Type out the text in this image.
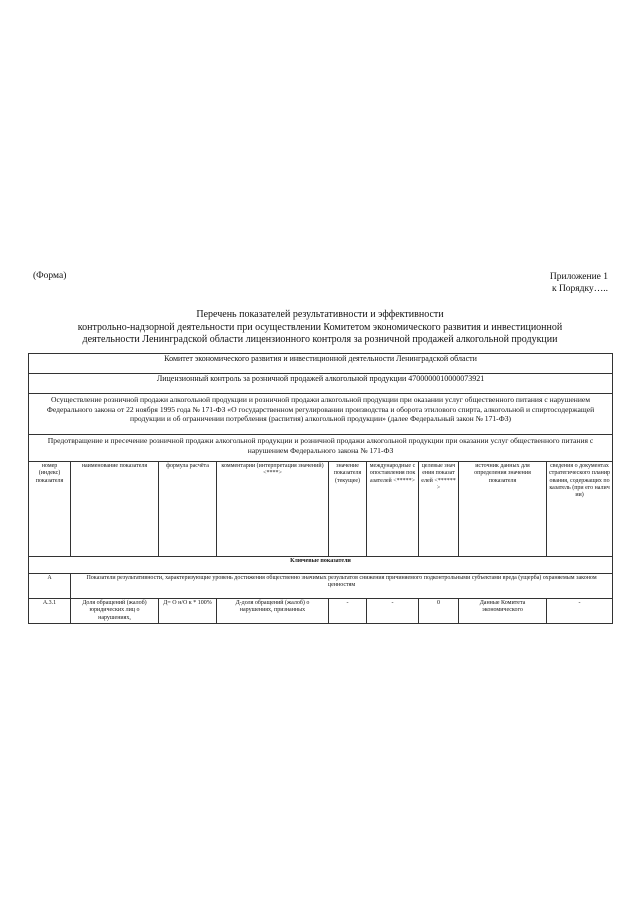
(Форма)	Приложение 1
к Порядку…..
Перечень показателей результативности и эффективности
контрольно-надзорной деятельности при осуществлении Комитетом экономического развития и инвестиционной
деятельности Ленинградской области лицензионного контроля за розничной продажей алкогольной продукции
Комитет экономического развития и инвестиционной деятельности Ленинградской области								
Лицензионный контроль за розничной продажей алкогольной продукции 4700000010000073921								
Осуществление розничной продажи алкогольной продукции и розничной продажи алкогольной продукции при оказании услуг общественного питания с нарушением Федерального закона от 22 ноября 1995 года № 171-ФЗ «О государственном регулировании производства и оборота этилового спирта, алкогольной и спиртосодержащей продукции и об ограничении потребления (распития) алкогольной продукции» (далее Федеральный закон № 171-ФЗ)								
Предотвращение и пресечение розничной продажи алкогольной продукции и розничной продажи алкогольной продукции при оказании услуг общественного питания с нарушением Федерального закона № 171-ФЗ								
номер (индекс) показателя	наименование показателя	формула расчёта	комментарии (интерпретация значений) <****>	значение показателя (текущее)	международные сопоставления показателей <*****>	целевые значения показателей <******>	источник данных для определения значения показателя	сведения о документах стратегического планирования, содержащих показатель (при его наличии)
Ключевые показатели								
А	Показатели результативности, характеризующие уровень достижения общественно значимых результатов снижения причиняемого подконтрольными субъектами вреда (ущерба) охраняемым законом ценностям							
А.3.1	Доля обращений (жалоб) юридических лиц о нарушениях,	Д= О н/О к * 100%	Д-доля обращений (жалоб) о нарушениях, признанных	-	-	0	Данные Комитета экономического	-
